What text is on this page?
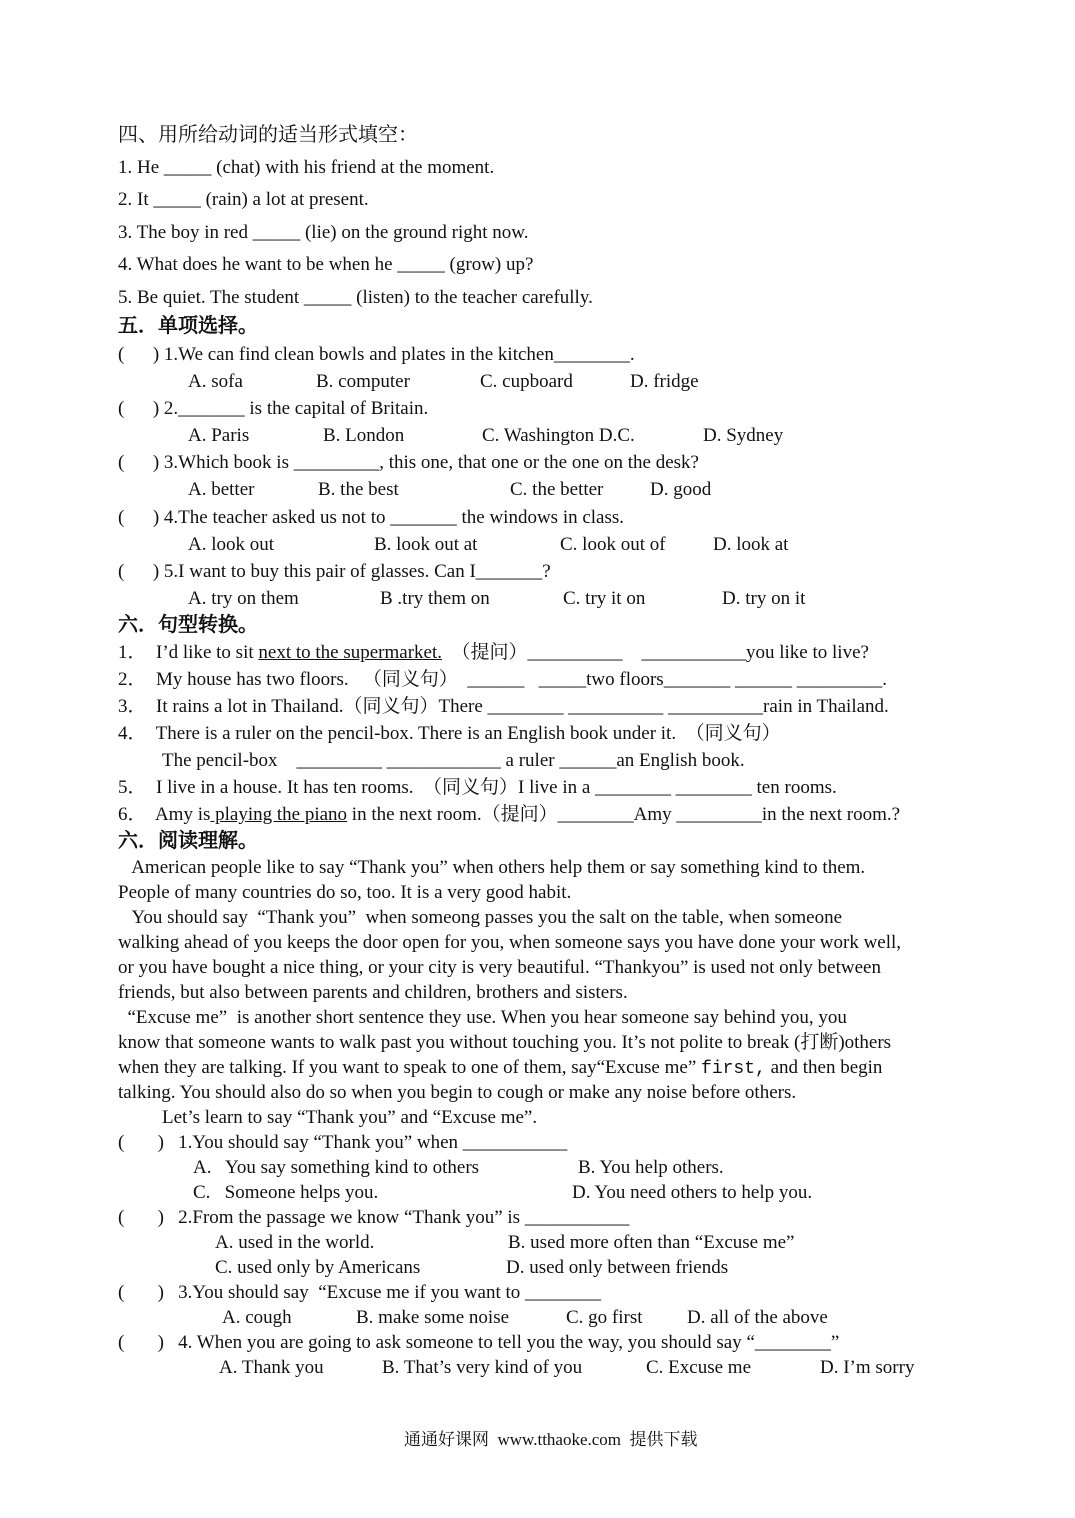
四、用所给动词的适当形式填空：
1. He _____ (chat) with his friend at the moment.
2. It _____ (rain) a lot at present.
3. The boy in red _____ (lie) on the ground right now.
4. What does he want to be when he _____ (grow) up?
5. Be quiet. The student _____ (listen) to the teacher carefully.
五．单项选择。
(      ) 1.We can find clean bowls and plates in the kitchen________.
A. sofa	B. computer	C. cupboard	D. fridge
(      ) 2._______ is the capital of Britain.
A. Paris	B. London	C. Washington D.C.	D. Sydney
(      ) 3.Which book is _________, this one, that one or the one on the desk?
A. better	B. the best	C. the better D. good
(      ) 4.The teacher asked us not to _______ the windows in class.
A. look out	B. look out at	C. look out of D. look at
(      ) 5.I want to buy this pair of glasses. Can I_______?
A. try on them	B .try them on	C. try it on	D. try on it
六．句型转换。
1．  I’d like to sit next to the supermarket.  （提问）__________    ___________you like to live?
2．  My house has two floors.   （同义句）  ______   _____two floors_______ ______ _________.
3．  It rains a lot in Thailand.（同义句）There ________ __________ __________rain in Thailand.
4．  There is a ruler on the pencil-box. There is an English book under it.  （同义句）
The pencil-box    _________ ____________ a ruler ______an English book.
5．  I live in a house. It has ten rooms.  （同义句）I live in a ________ ________ ten rooms.
6．  Amy is playing the piano in the next room.（提问）________Amy _________in the next room.?
六．阅读理解。
American people like to say “Thank you” when others help them or say something kind to them.
People of many countries do so, too. It is a very good habit.
You should say  “Thank you”  when someong passes you the salt on the table, when someone
walking ahead of you keeps the door open for you, when someone says you have done your work well,
or you have bought a nice thing, or your city is very beautiful. “Thankyou” is used not only between
friends, but also between parents and children, brothers and sisters.
“Excuse me”  is another short sentence they use. When you hear someone say behind you, you
know that someone wants to walk past you without touching you. It’s not polite to break (打断)others
when they are talking. If you want to speak to one of them, say“Excuse me” first, and then begin
talking. You should also do so when you begin to cough or make any noise before others.
Let’s learn to say “Thank you” and “Excuse me”.
(       )   1.You should say “Thank you” when ___________
A.   You say something kind to others	B. You help others.
C.   Someone helps you.	D. You need others to help you.
(       )   2.From the passage we know “Thank you” is ___________
A. used in the world.	B. used more often than “Excuse me”
C. used only by Americans	D. used only between friends
(       )   3.You should say  “Excuse me if you want to ________
A. cough	B. make some noise	C. go first D. all of the above
(       )   4. When you are going to ask someone to tell you the way, you should say “________”
A. Thank you	B. That’s very kind of you	C. Excuse me	D. I’m sorry
通通好课网  www.tthaoke.com  提供下载
